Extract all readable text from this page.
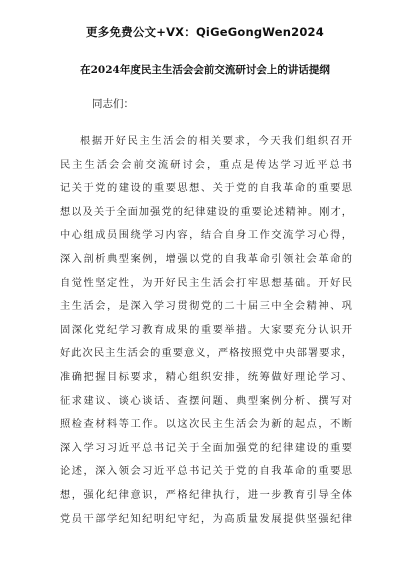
更多免费公文+VX：QiGeGongWen2024
在2024年度民主生活会会前交流研讨会上的讲话提纲
同志们：
根据开好民主生活会的相关要求，今天我们组织召开
民主生活会会前交流研讨会，重点是传达学习近平总书
记关于党的建设的重要思想、关于党的自我革命的重要思
想以及关于全面加强党的纪律建设的重要论述精神。刚才，
中心组成员围绕学习内容，结合自身工作交流学习心得，
深入剖析典型案例，增强以党的自我革命引领社会革命的
自觉性坚定性，为开好民主生活会打牢思想基础。开好民
主生活会，是深入学习贯彻党的二十届三中全会精神、巩
固深化党纪学习教育成果的重要举措。大家要充分认识开
好此次民主生活会的重要意义，严格按照党中央部署要求，
准确把握目标要求，精心组织安排，统筹做好理论学习、
征求建议、谈心谈话、查摆问题、典型案例分析、撰写对
照检查材料等工作。以这次民主生活会为新的起点，不断
深入学习习近平总书记关于全面加强党的纪律建设的重要
论述，深入领会习近平总书记关于党的自我革命的重要思
想，强化纪律意识，严格纪律执行，进一步教育引导全体
党员干部学纪知纪明纪守纪，为高质量发展提供坚强纪律
